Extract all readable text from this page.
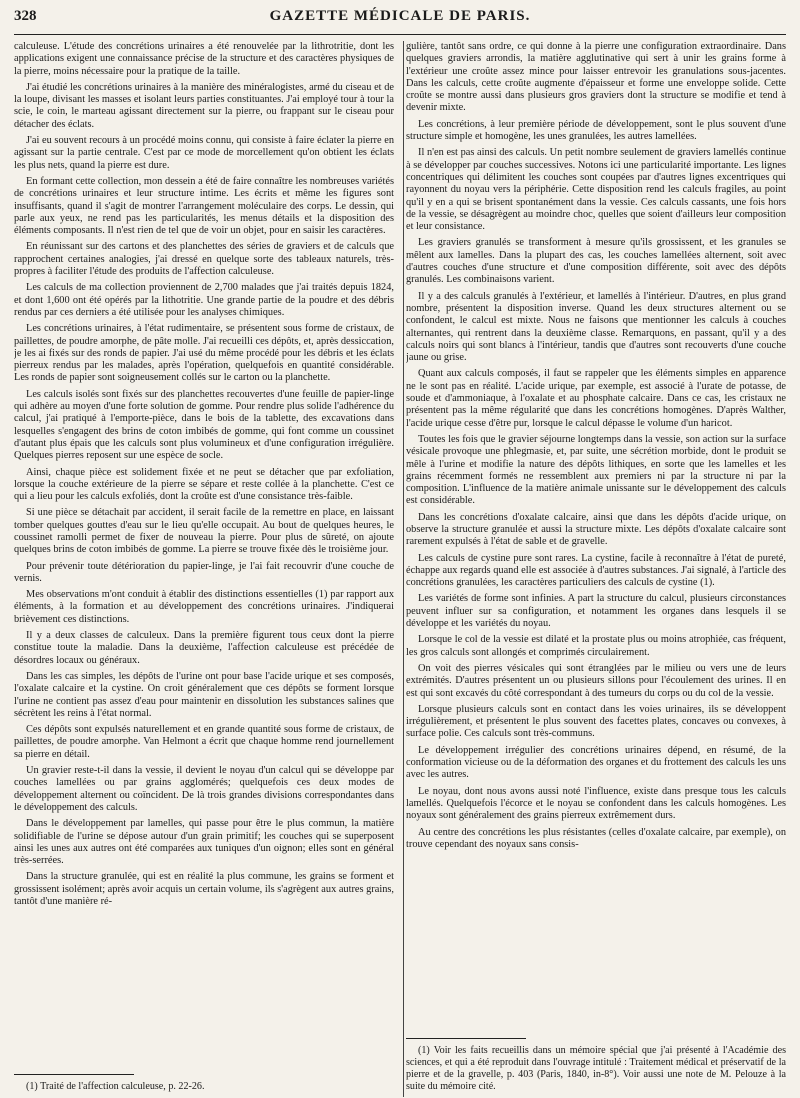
328	GAZETTE MÉDICALE DE PARIS.

calculeuse. L'étude des concrétions urinaires a été renouvelée par la lithrotritie, dont les applications exigent une connaissance précise de la structure et des caractères physiques de la pierre, moins nécessaire pour la pratique de la taille.

J'ai étudié les concrétions urinaires à la manière des minéralogistes, armé du ciseau et de la loupe, divisant les masses et isolant leurs parties constituantes. J'ai employé tour à tour la scie, le coin, le marteau agissant directement sur la pierre, ou frappant sur le ciseau pour détacher des éclats.

J'ai eu souvent recours à un procédé moins connu, qui consiste à faire éclater la pierre en agissant sur la partie centrale. C'est par ce mode de morcellement qu'on obtient les éclats les plus nets, quand la pierre est dure.

En formant cette collection, mon dessein a été de faire connaître les nombreuses variétés de concrétions urinaires et leur structure intime. Les écrits et même les figures sont insuffisants, quand il s'agit de montrer l'arrangement moléculaire des corps. Le dessin, qui parle aux yeux, ne rend pas les particularités, les menus détails et la disposition des éléments composants. Il n'est rien de tel que de voir un objet, pour en saisir les caractères.

En réunissant sur des cartons et des planchettes des séries de graviers et de calculs que rapprochent certaines analogies, j'ai dressé en quelque sorte des tableaux naturels, très-propres à faciliter l'étude des produits de l'affection calculeuse.

Les calculs de ma collection proviennent de 2,700 malades que j'ai traités depuis 1824, et dont 1,600 ont été opérés par la lithotritie. Une grande partie de la poudre et des débris rendus par ces derniers a été utilisée pour les analyses chimiques.

Les concrétions urinaires, à l'état rudimentaire, se présentent sous forme de cristaux, de paillettes, de poudre amorphe, de pâte molle. J'ai recueilli ces dépôts, et, après dessiccation, je les ai fixés sur des ronds de papier. J'ai usé du même procédé pour les débris et les éclats pierreux rendus par les malades, après l'opération, quelquefois en quantité considérable. Les ronds de papier sont soigneusement collés sur le carton ou la planchette.

Les calculs isolés sont fixés sur des planchettes recouvertes d'une feuille de papier-linge qui adhère au moyen d'une forte solution de gomme. Pour rendre plus solide l'adhérence du calcul, j'ai pratiqué à l'emporte-pièce, dans le bois de la tablette, des excavations dans lesquelles s'engagent des brins de coton imbibés de gomme, qui font comme un coussinet d'autant plus épais que les calculs sont plus volumineux et d'une configuration irrégulière. Quelques pierres reposent sur une espèce de socle.

Ainsi, chaque pièce est solidement fixée et ne peut se détacher que par exfoliation, lorsque la couche extérieure de la pierre se sépare et reste collée à la planchette. C'est ce qui a lieu pour les calculs exfoliés, dont la croûte est d'une consistance très-faible.

Si une pièce se détachait par accident, il serait facile de la remettre en place, en laissant tomber quelques gouttes d'eau sur le lieu qu'elle occupait. Au bout de quelques heures, le coussinet ramolli permet de fixer de nouveau la pierre. Pour plus de sûreté, on ajoute quelques brins de coton imbibés de gomme. La pierre se trouve fixée dès le troisième jour.

Pour prévenir toute détérioration du papier-linge, je l'ai fait recouvrir d'une couche de vernis.

Mes observations m'ont conduit à établir des distinctions essentielles (1) par rapport aux éléments, à la formation et au développement des concrétions urinaires. J'indiquerai brièvement ces distinctions.

Il y a deux classes de calculeux. Dans la première figurent tous ceux dont la pierre constitue toute la maladie. Dans la deuxième, l'affection calculeuse est précédée de désordres locaux ou généraux.

Dans les cas simples, les dépôts de l'urine ont pour base l'acide urique et ses composés, l'oxalate calcaire et la cystine. On croit généralement que ces dépôts se forment lorsque l'urine ne contient pas assez d'eau pour maintenir en dissolution les substances salines que sécrètent les reins à l'état normal.

Ces dépôts sont expulsés naturellement et en grande quantité sous forme de cristaux, de paillettes, de poudre amorphe. Van Helmont a écrit que chaque homme rend journellement sa pierre en détail.

Un gravier reste-t-il dans la vessie, il devient le noyau d'un calcul qui se développe par couches lamellées ou par grains agglomérés; quelquefois ces deux modes de développement alternent ou coïncident. De là trois grandes divisions correspondantes dans le développement des calculs.

Dans le développement par lamelles, qui passe pour être le plus commun, la matière solidifiable de l'urine se dépose autour d'un grain primitif; les couches qui se superposent ainsi les unes aux autres ont été comparées aux tuniques d'un oignon; elles sont en général très-serrées.

Dans la structure granulée, qui est en réalité la plus commune, les grains se forment et grossissent isolément; après avoir acquis un certain volume, ils s'agrègent aux autres grains, tantôt d'une manière ré-

(1) Traité de l'affection calculeuse, p. 22-26.

gulière, tantôt sans ordre, ce qui donne à la pierre une configuration extraordinaire. Dans quelques graviers arrondis, la matière agglutinative qui sert à unir les grains forme à l'extérieur une croûte assez mince pour laisser entrevoir les granulations sous-jacentes. Dans les calculs, cette croûte augmente d'épaisseur et forme une enveloppe solide. Cette croûte se montre aussi dans plusieurs gros graviers dont la structure se modifie et tend à devenir mixte.

Les concrétions, à leur première période de développement, sont le plus souvent d'une structure simple et homogène, les unes granulées, les autres lamellées.

Il n'en est pas ainsi des calculs. Un petit nombre seulement de graviers lamellés continue à se développer par couches successives. Notons ici une particularité importante. Les lignes concentriques qui délimitent les couches sont coupées par d'autres lignes excentriques qui rayonnent du noyau vers la périphérie. Cette disposition rend les calculs fragiles, au point qu'il y en a qui se brisent spontanément dans la vessie. Ces calculs cassants, une fois hors de la vessie, se désagrègent au moindre choc, quelles que soient d'ailleurs leur composition et leur consistance.

Les graviers granulés se transforment à mesure qu'ils grossissent, et les granules se mêlent aux lamelles. Dans la plupart des cas, les couches lamellées alternent, soit avec d'autres couches d'une structure et d'une composition différente, soit avec des dépôts granulés. Les combinaisons varient.

Il y a des calculs granulés à l'extérieur, et lamellés à l'intérieur. D'autres, en plus grand nombre, présentent la disposition inverse. Quand les deux structures alternent ou se confondent, le calcul est mixte. Nous ne faisons que mentionner les calculs à couches alternantes, qui rentrent dans la deuxième classe. Remarquons, en passant, qu'il y a des calculs noirs qui sont blancs à l'intérieur, tandis que d'autres sont recouverts d'une couche jaune ou grise.

Quant aux calculs composés, il faut se rappeler que les éléments simples en apparence ne le sont pas en réalité. L'acide urique, par exemple, est associé à l'urate de potasse, de soude et d'ammoniaque, à l'oxalate et au phosphate calcaire. Dans ce cas, les cristaux ne présentent pas la même régularité que dans les concrétions homogènes. D'après Walther, l'acide urique cesse d'être pur, lorsque le calcul dépasse le volume d'un haricot.

Toutes les fois que le gravier séjourne longtemps dans la vessie, son action sur la surface vésicale provoque une phlegmasie, et, par suite, une sécrétion morbide, dont le produit se mêle à l'urine et modifie la nature des dépôts lithiques, en sorte que les lamelles et les grains récemment formés ne ressemblent aux premiers ni par la structure ni par la composition. L'influence de la matière animale unissante sur le développement des calculs est considérable.

Dans les concrétions d'oxalate calcaire, ainsi que dans les dépôts d'acide urique, on observe la structure granulée et aussi la structure mixte. Les dépôts d'oxalate calcaire sont rarement expulsés à l'état de sable et de gravelle.

Les calculs de cystine pure sont rares. La cystine, facile à reconnaître à l'état de pureté, échappe aux regards quand elle est associée à d'autres substances. J'ai signalé, à l'article des concrétions granulées, les caractères particuliers des calculs de cystine (1).

Les variétés de forme sont infinies. A part la structure du calcul, plusieurs circonstances peuvent influer sur sa configuration, et notamment les organes dans lesquels il se développe et les variétés du noyau.

Lorsque le col de la vessie est dilaté et la prostate plus ou moins atrophiée, cas fréquent, les gros calculs sont allongés et comprimés circulairement.

On voit des pierres vésicales qui sont étranglées par le milieu ou vers une de leurs extrémités. D'autres présentent un ou plusieurs sillons pour l'écoulement des urines. Il en est qui sont excavés du côté correspondant à des tumeurs du corps ou du col de la vessie.

Lorsque plusieurs calculs sont en contact dans les voies urinaires, ils se développent irrégulièrement, et présentent le plus souvent des facettes plates, concaves ou convexes, à surface polie. Ces calculs sont très-communs.

Le développement irrégulier des concrétions urinaires dépend, en résumé, de la conformation vicieuse ou de la déformation des organes et du frottement des calculs les uns avec les autres.

Le noyau, dont nous avons aussi noté l'influence, existe dans presque tous les calculs lamellés. Quelquefois l'écorce et le noyau se confondent dans les calculs homogènes. Les noyaux sont généralement des grains pierreux extrêmement durs.

Au centre des concrétions les plus résistantes (celles d'oxalate calcaire, par exemple), on trouve cependant des noyaux sans consis-

(1) Voir les faits recueillis dans un mémoire spécial que j'ai présenté à l'Académie des sciences, et qui a été reproduit dans l'ouvrage intitulé : Traitement médical et préservatif de la pierre et de la gravelle, p. 403 (Paris, 1840, in-8°). Voir aussi une note de M. Pelouze à la suite du mémoire cité.
